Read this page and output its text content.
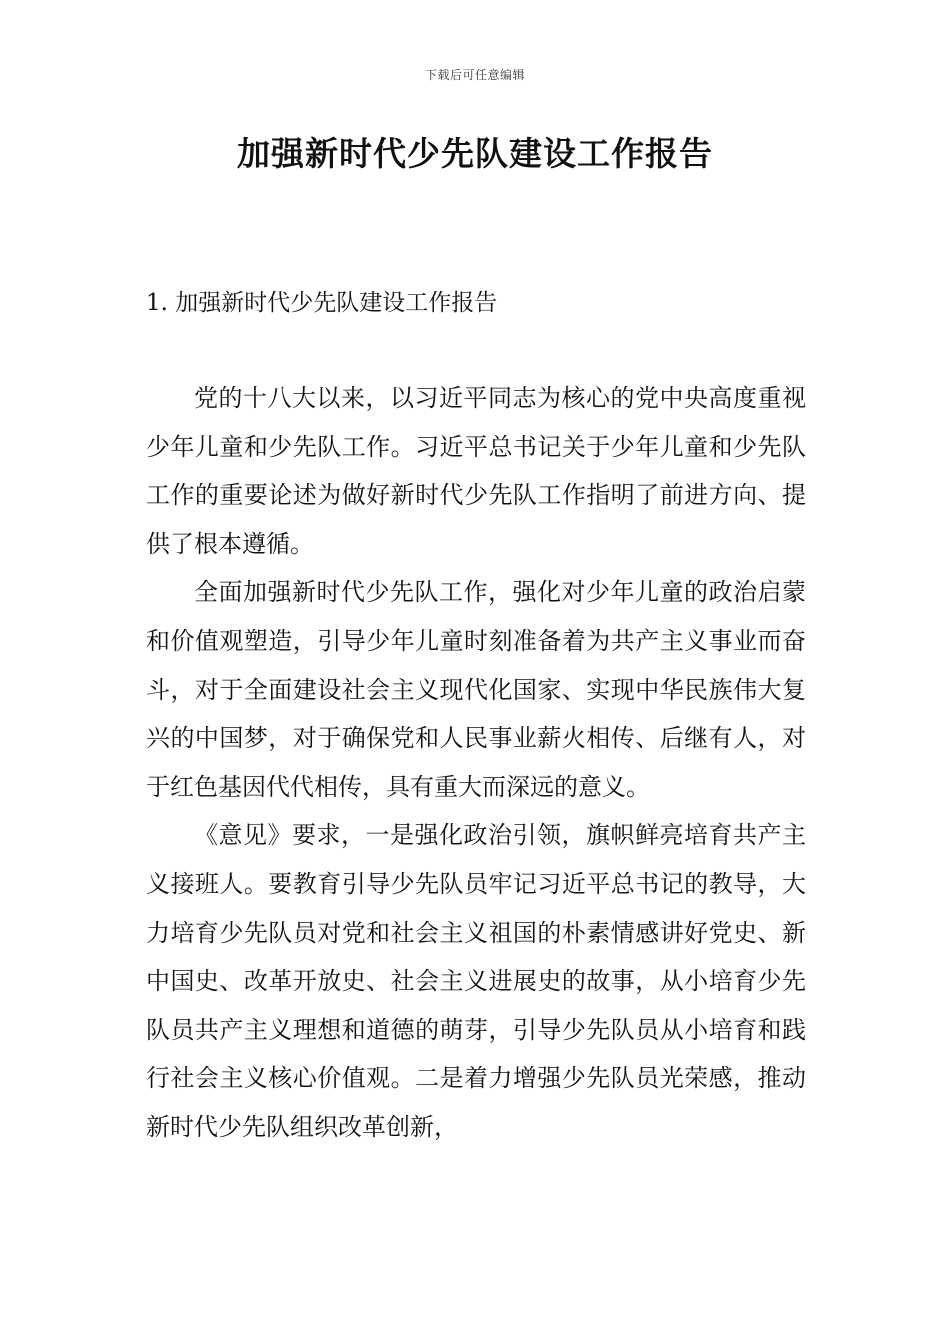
下载后可任意编辑
加强新时代少先队建设工作报告
1. 加强新时代少先队建设工作报告

党的十八大以来，以习近平同志为核心的党中央高度重视少年儿童和少先队工作。习近平总书记关于少年儿童和少先队工作的重要论述为做好新时代少先队工作指明了前进方向、提供了根本遵循。

全面加强新时代少先队工作，强化对少年儿童的政治启蒙和价值观塑造，引导少年儿童时刻准备着为共产主义事业而奋斗，对于全面建设社会主义现代化国家、实现中华民族伟大复兴的中国梦，对于确保党和人民事业薪火相传、后继有人，对于红色基因代代相传，具有重大而深远的意义。

《意见》要求，一是强化政治引领，旗帜鲜亮培育共产主义接班人。要教育引导少先队员牢记习近平总书记的教导，大力培育少先队员对党和社会主义祖国的朴素情感讲好党史、新中国史、改革开放史、社会主义进展史的故事，从小培育少先队员共产主义理想和道德的萌芽，引导少先队员从小培育和践行社会主义核心价值观。二是着力增强少先队员光荣感，推动新时代少先队组织改革创新，
